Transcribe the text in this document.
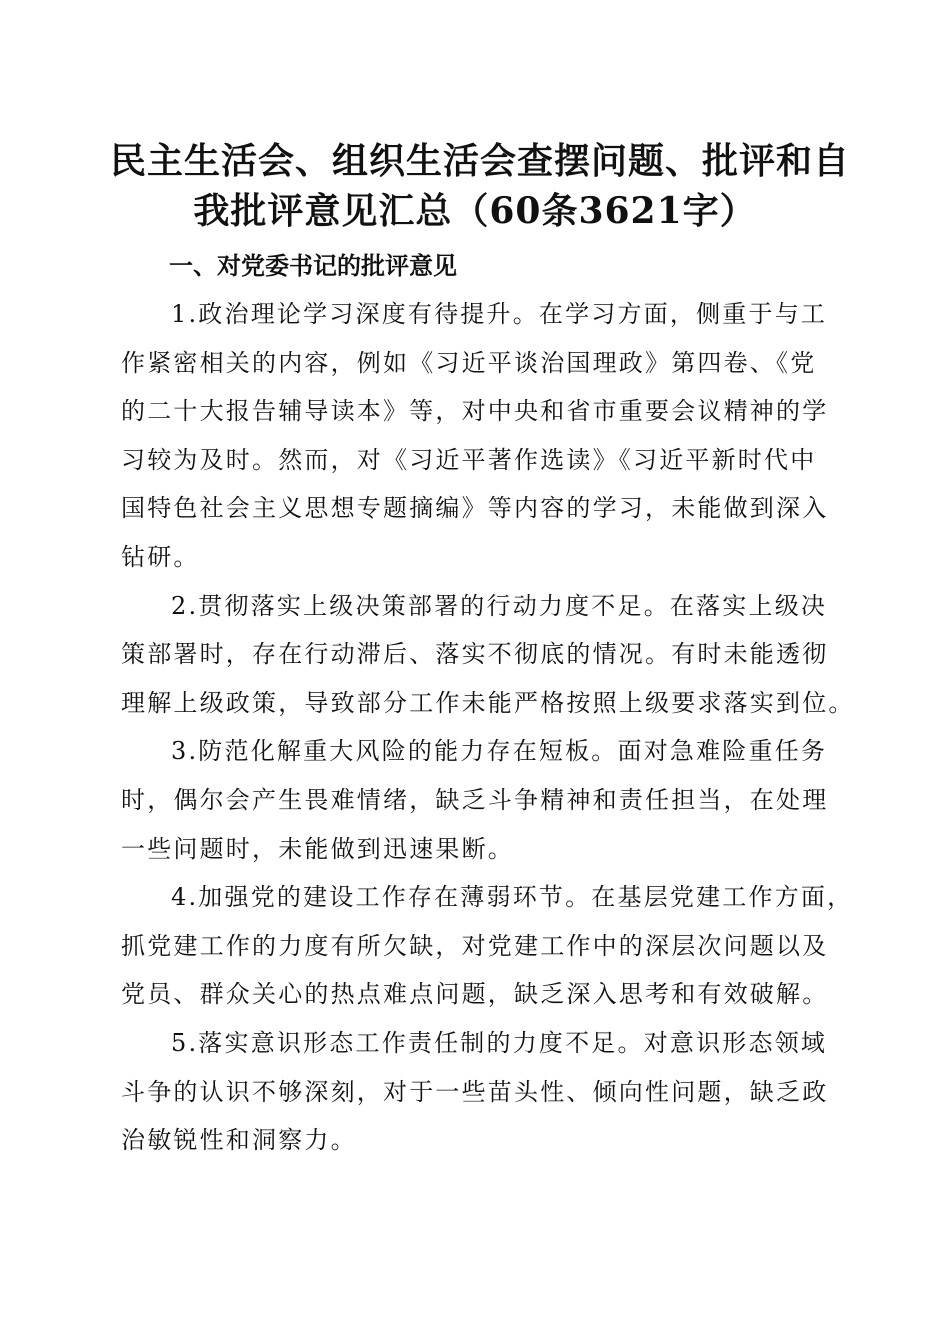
民主生活会、组织生活会查摆问题、批评和自
我批评意见汇总（60条3621字）
一、对党委书记的批评意见

1.政治理论学习深度有待提升。在学习方面，侧重于与工
作紧密相关的内容，例如《习近平谈治国理政》第四卷、《党
的二十大报告辅导读本》等，对中央和省市重要会议精神的学
习较为及时。然而，对《习近平著作选读》《习近平新时代中
国特色社会主义思想专题摘编》等内容的学习，未能做到深入
钻研。

2.贯彻落实上级决策部署的行动力度不足。在落实上级决
策部署时，存在行动滞后、落实不彻底的情况。有时未能透彻
理解上级政策，导致部分工作未能严格按照上级要求落实到位。

3.防范化解重大风险的能力存在短板。面对急难险重任务
时，偶尔会产生畏难情绪，缺乏斗争精神和责任担当，在处理
一些问题时，未能做到迅速果断。

4.加强党的建设工作存在薄弱环节。在基层党建工作方面，
抓党建工作的力度有所欠缺，对党建工作中的深层次问题以及
党员、群众关心的热点难点问题，缺乏深入思考和有效破解。

5.落实意识形态工作责任制的力度不足。对意识形态领域
斗争的认识不够深刻，对于一些苗头性、倾向性问题，缺乏政
治敏锐性和洞察力。
